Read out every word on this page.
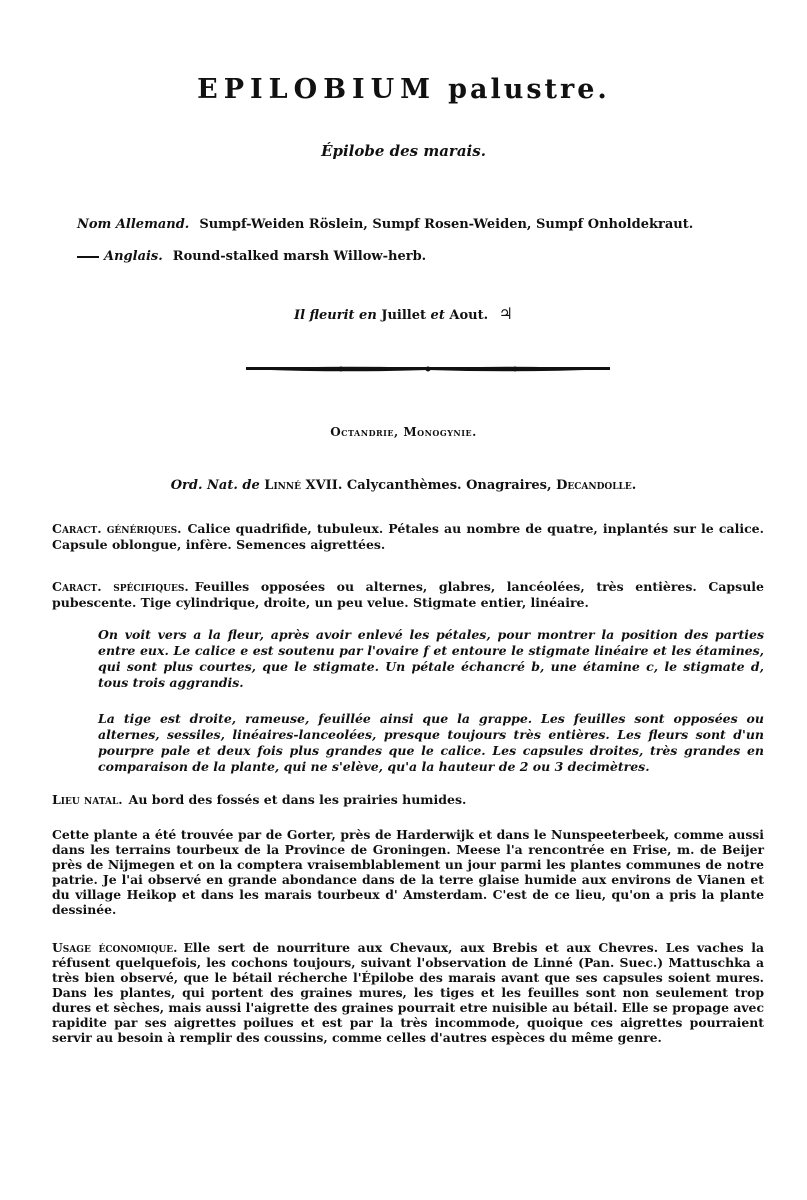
EPILOBIUM palustre.
Épilobe des marais.
Nom Allemand. Sumpf-Weiden Röslein, Sumpf Rosen-Weiden, Sumpf Onholdekraut.
Anglais. Round-stalked marsh Willow-herb.
Il fleurit en Juillet et Aout. ♃
Octandrie, Monogynie.
Ord. Nat. de Linné XVII. Calycanthèmes. Onagraires, Decandolle.
Caract. génériques. Calice quadrifide, tubuleux. Pétales au nombre de quatre, inplantés sur le calice. Capsule oblongue, infère. Semences aigrettées.
Caract. spécifiques. Feuilles opposées ou alternes, glabres, lancéolées, très entières. Capsule pubescente. Tige cylindrique, droite, un peu velue. Stigmate entier, linéaire.
On voit vers a la fleur, après avoir enlevé les pétales, pour montrer la position des parties entre eux. Le calice e est soutenu par l'ovaire f et entoure le stigmate linéaire et les étamines, qui sont plus courtes, que le stigmate. Un pétale échancré b, une étamine c, le stigmate d, tous trois aggrandis.
La tige est droite, rameuse, feuillée ainsi que la grappe. Les feuilles sont opposées ou alternes, sessiles, linéaires-lanceolées, presque toujours très entières. Les fleurs sont d'un pourpre pale et deux fois plus grandes que le calice. Les capsules droites, très grandes en comparaison de la plante, qui ne s'elève, qu'a la hauteur de 2 ou 3 decimètres.
Lieu natal. Au bord des fossés et dans les prairies humides.
Cette plante a été trouvée par de Gorter, près de Harderwijk et dans le Nunspeeterbeek, comme aussi dans les terrains tourbeux de la Province de Groningen. Meese l'a rencontrée en Frise, m. de Beijer près de Nijmegen et on la comptera vraisemblablement un jour parmi les plantes communes de notre patrie. Je l'ai observé en grande abondance dans de la terre glaise humide aux environs de Vianen et du village Heikop et dans les marais tourbeux d' Amsterdam. C'est de ce lieu, qu'on a pris la plante dessinée.
Usage économique. Elle sert de nourriture aux Chevaux, aux Brebis et aux Chevres. Les vaches la réfusent quelquefois, les cochons toujours, suivant l'observation de Linné (Pan. Suec.) Mattuschka a très bien observé, que le bétail récherche l'Épilobe des marais avant que ses capsules soient mures. Dans les plantes, qui portent des graines mures, les tiges et les feuilles sont non seulement trop dures et sèches, mais aussi l'aigrette des graines pourrait etre nuisible au bétail. Elle se propage avec rapidite par ses aigrettes poilues et est par la très incommode, quoique ces aigrettes pourraient servir au besoin à remplir des coussins, comme celles d'autres espèces du même genre.
